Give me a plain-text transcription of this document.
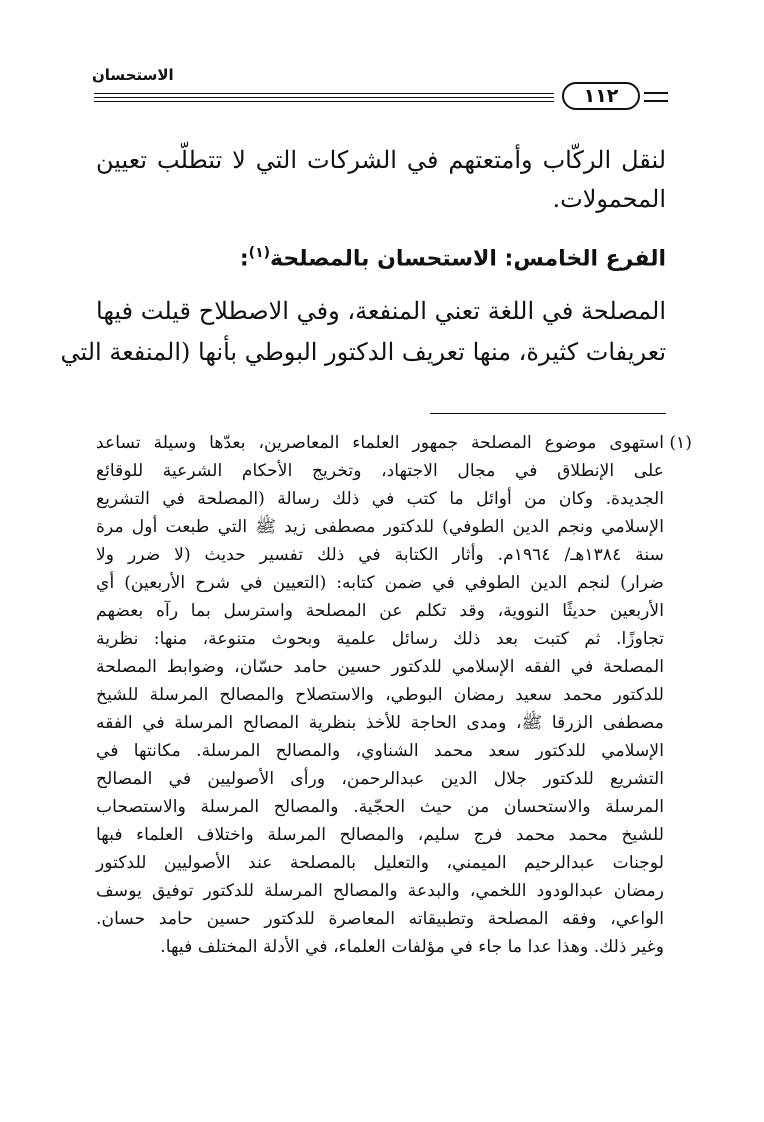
الاستحسان
١١٢
لنقل الركّاب وأمتعتهم في الشركات التي لا تتطلّب تعيين
المحمولات.
الفرع الخامس: الاستحسان بالمصلحة$^{(١)}$:
المصلحة في اللغة تعني المنفعة، وفي الاصطلاح قيلت فيها
تعريفات كثيرة، منها تعريف الدكتور البوطي بأنها (المنفعة التي
(١)
استهوى موضوع المصلحة جمهور العلماء المعاصرين، بعدّها وسيلة تساعد
على الإنطلاق في مجال الاجتهاد، وتخريج الأحكام الشرعية للوقائع
الجديدة. وكان من أوائل ما كتب في ذلك رسالة (المصلحة في التشريع
الإسلامي ونجم الدين الطوفي) للدكتور مصطفى زيد ﷺ التي طبعت أول مرة
سنة ١٣٨٤هـ/ ١٩٦٤م. وأثار الكتابة في ذلك تفسير حديث (لا ضرر ولا
ضرار) لنجم الدين الطوفي في ضمن كتابه: (التعيين في شرح الأربعين) أي
الأربعين حديثًا النووية، وقد تكلم عن المصلحة واسترسل بما رآه بعضهم
تجاوزًا. ثم كتبت بعد ذلك رسائل علمية وبحوث متنوعة، منها: نظرية
المصلحة في الفقه الإسلامي للدكتور حسين حامد حسّان، وضوابط المصلحة
للدكتور محمد سعيد رمضان البوطي، والاستصلاح والمصالح المرسلة للشيخ
مصطفى الزرقا ﷺ، ومدى الحاجة للأخذ بنظرية المصالح المرسلة في الفقه
الإسلامي للدكتور سعد محمد الشناوي، والمصالح المرسلة. مكانتها في
التشريع للدكتور جلال الدين عبدالرحمن، ورأى الأصوليين في المصالح
المرسلة والاستحسان من حيث الحجّية. والمصالح المرسلة والاستصحاب
للشيخ محمد محمد فرج سليم، والمصالح المرسلة واختلاف العلماء فبها
لوجنات عبدالرحيم الميمني، والتعليل بالمصلحة عند الأصوليين للدكتور
رمضان عبدالودود اللخمي، والبدعة والمصالح المرسلة للدكتور توفيق يوسف
الواعي، وفقه المصلحة وتطبيقاته المعاصرة للدكتور حسين حامد حسان.
وغير ذلك. وهذا عدا ما جاء في مؤلفات العلماء، في الأدلة المختلف فيها.
